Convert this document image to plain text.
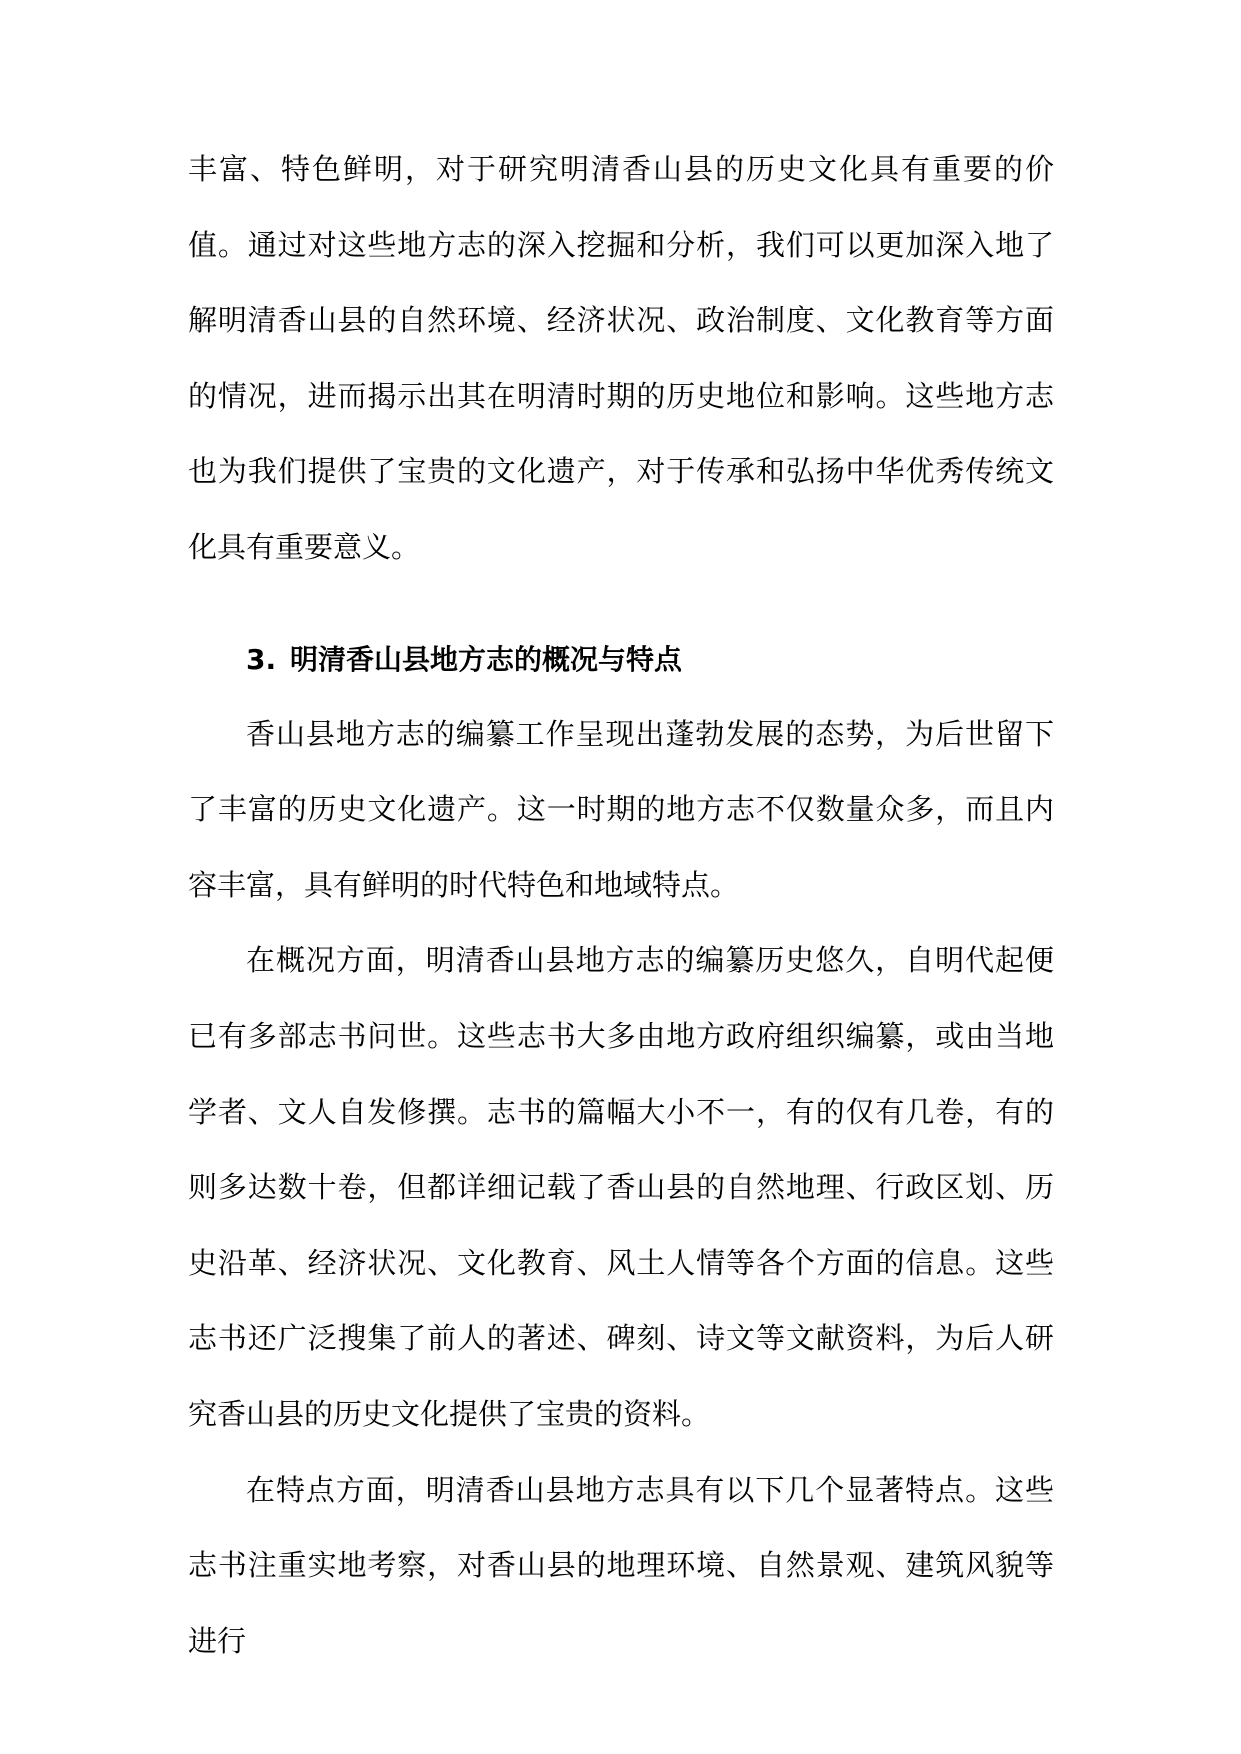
丰富、特色鲜明，对于研究明清香山县的历史文化具有重要的价值。通过对这些地方志的深入挖掘和分析，我们可以更加深入地了解明清香山县的自然环境、经济状况、政治制度、文化教育等方面的情况，进而揭示出其在明清时期的历史地位和影响。这些地方志也为我们提供了宝贵的文化遗产，对于传承和弘扬中华优秀传统文化具有重要意义。

3. 明清香山县地方志的概况与特点

香山县地方志的编纂工作呈现出蓬勃发展的态势，为后世留下了丰富的历史文化遗产。这一时期的地方志不仅数量众多，而且内容丰富，具有鲜明的时代特色和地域特点。

在概况方面，明清香山县地方志的编纂历史悠久，自明代起便已有多部志书问世。这些志书大多由地方政府组织编纂，或由当地学者、文人自发修撰。志书的篇幅大小不一，有的仅有几卷，有的则多达数十卷，但都详细记载了香山县的自然地理、行政区划、历史沿革、经济状况、文化教育、风土人情等各个方面的信息。这些志书还广泛搜集了前人的著述、碑刻、诗文等文献资料，为后人研究香山县的历史文化提供了宝贵的资料。

在特点方面，明清香山县地方志具有以下几个显著特点。这些志书注重实地考察，对香山县的地理环境、自然景观、建筑风貌等进行
